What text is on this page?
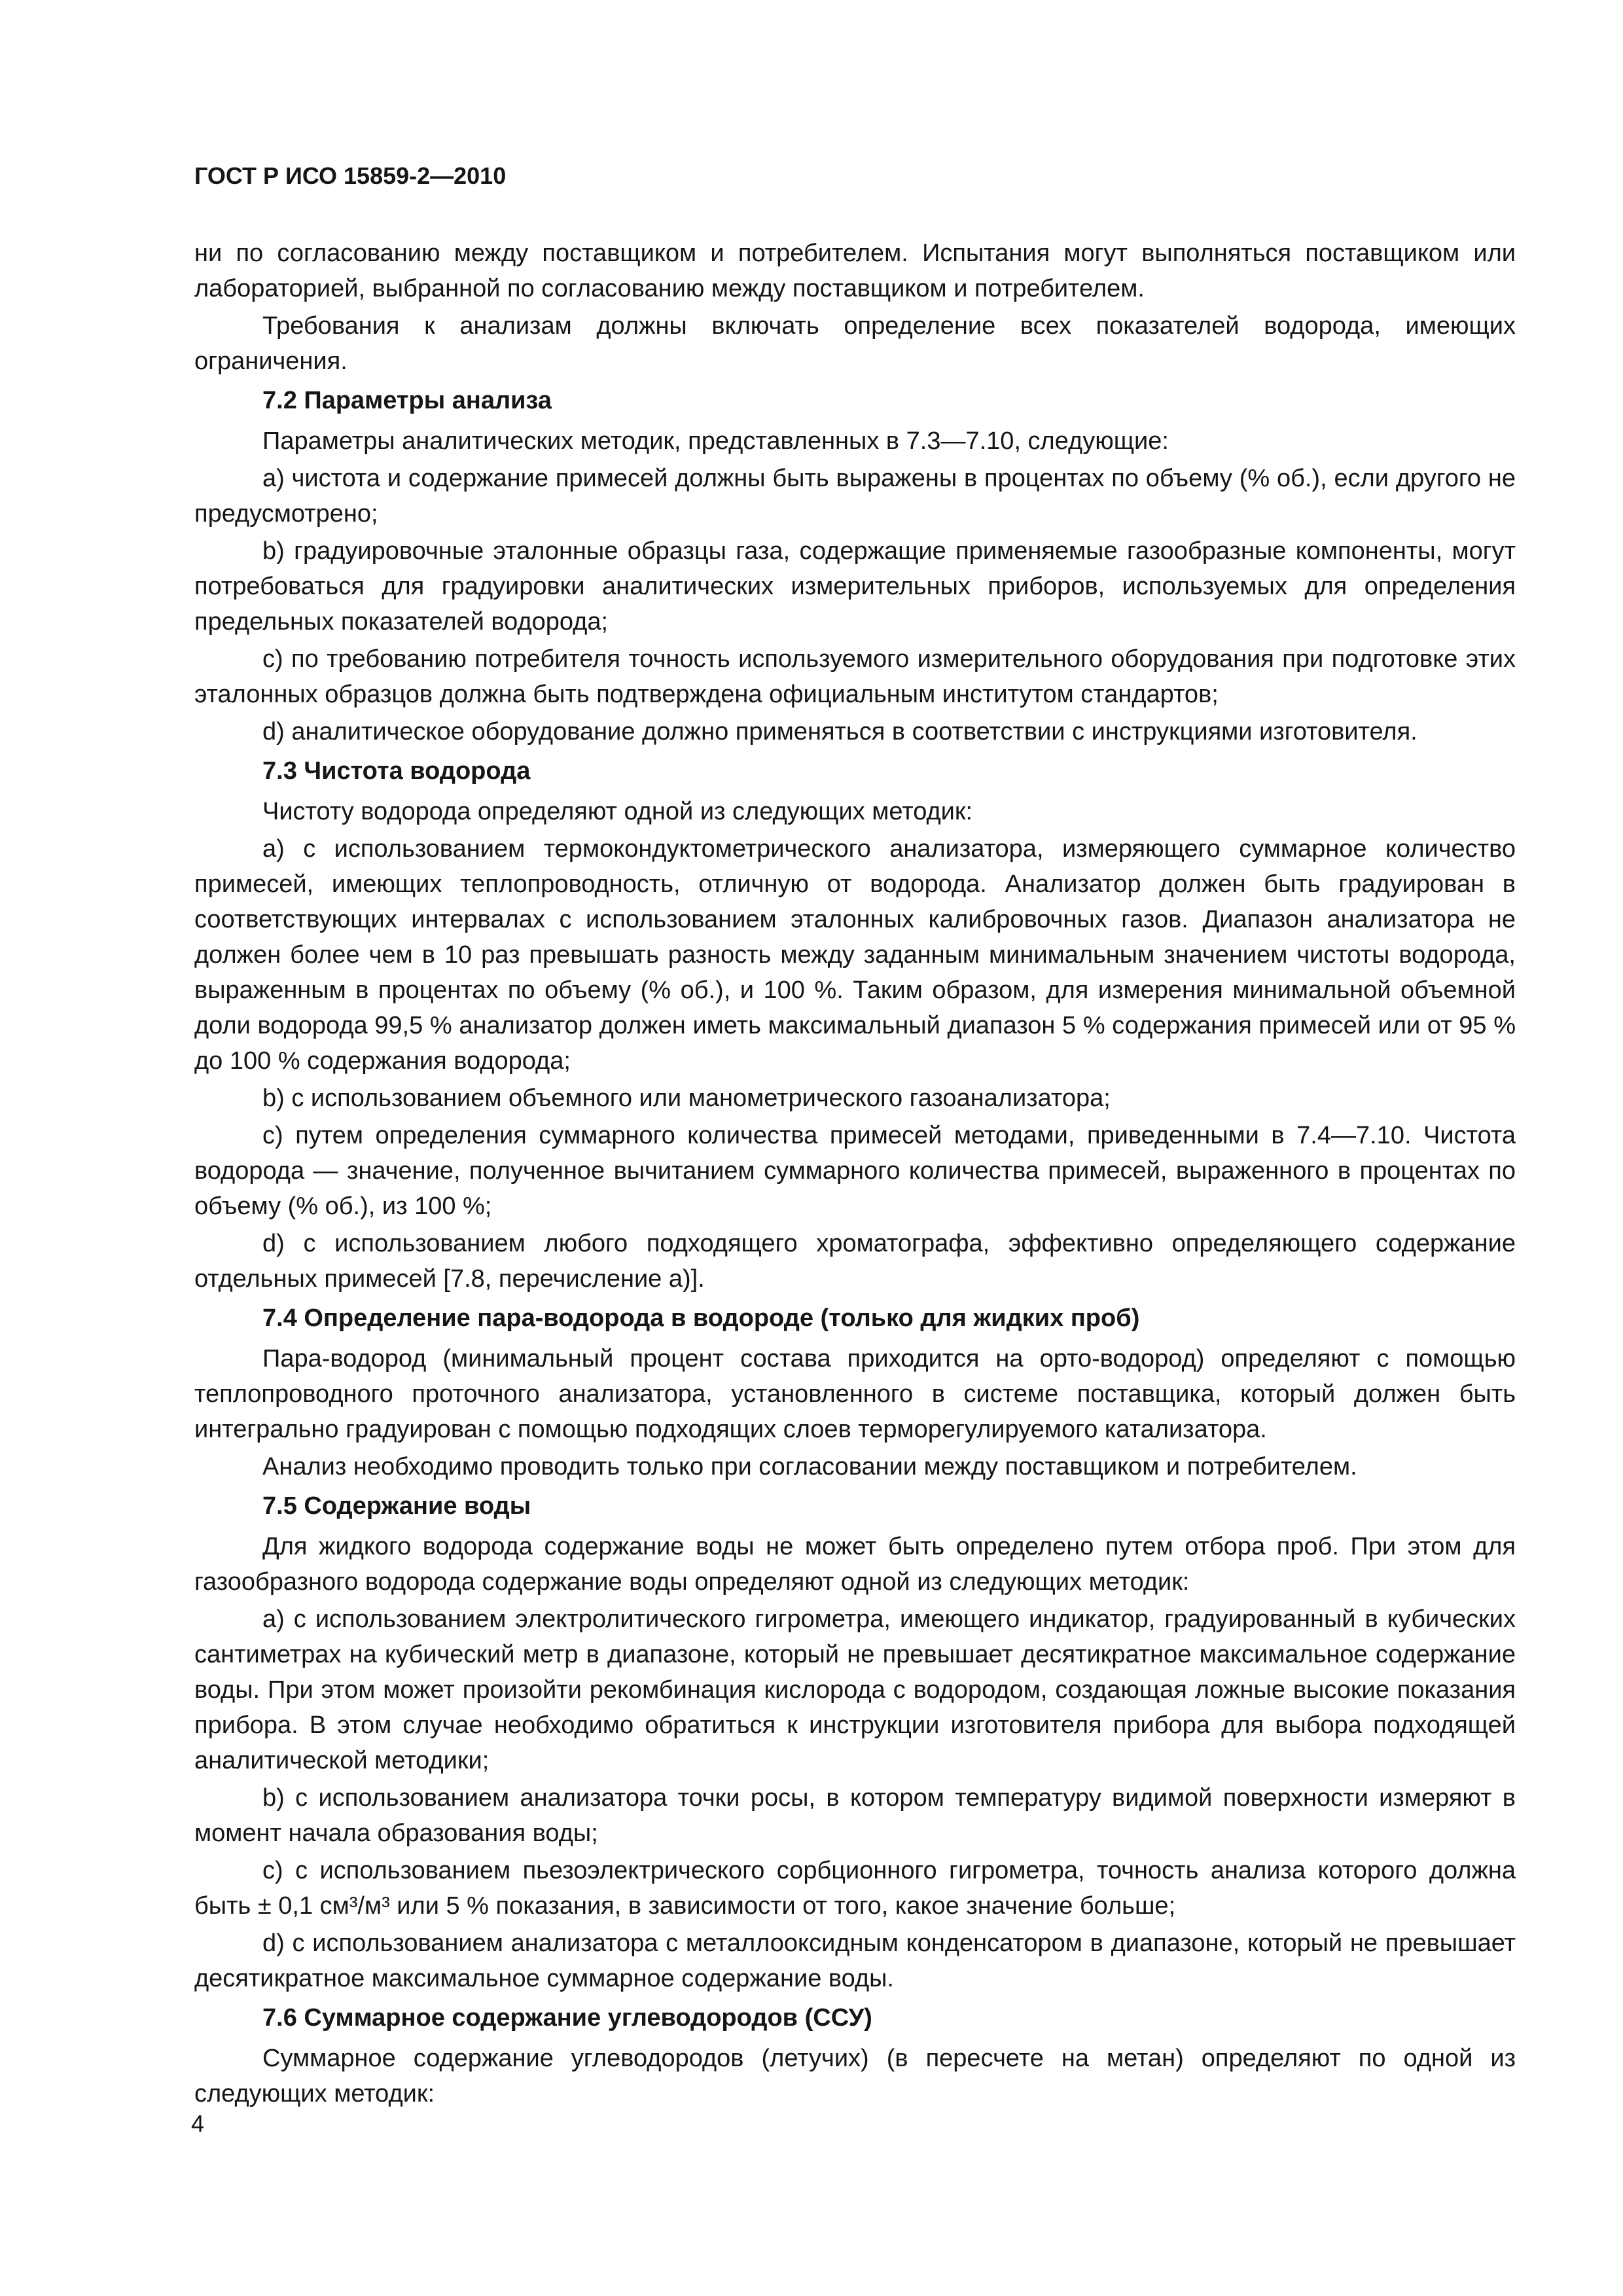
ГОСТ Р ИСО 15859-2—2010

ни по согласованию между поставщиком и потребителем. Испытания могут выполняться поставщиком или лабораторией, выбранной по согласованию между поставщиком и потребителем.

Требования к анализам должны включать определение всех показателей водорода, имеющих ограничения.

7.2 Параметры анализа

Параметры аналитических методик, представленных в 7.3—7.10, следующие:

a) чистота и содержание примесей должны быть выражены в процентах по объему (% об.), если другого не предусмотрено;

b) градуировочные эталонные образцы газа, содержащие применяемые газообразные компоненты, могут потребоваться для градуировки аналитических измерительных приборов, используемых для определения предельных показателей водорода;

c) по требованию потребителя точность используемого измерительного оборудования при подготовке этих эталонных образцов должна быть подтверждена официальным институтом стандартов;

d) аналитическое оборудование должно применяться в соответствии с инструкциями изготовителя.

7.3 Чистота водорода

Чистоту водорода определяют одной из следующих методик:

a) с использованием термокондуктометрического анализатора, измеряющего суммарное количество примесей, имеющих теплопроводность, отличную от водорода. Анализатор должен быть градуирован в соответствующих интервалах с использованием эталонных калибровочных газов. Диапазон анализатора не должен более чем в 10 раз превышать разность между заданным минимальным значением чистоты водорода, выраженным в процентах по объему (% об.), и 100 %. Таким образом, для измерения минимальной объемной доли водорода 99,5 % анализатор должен иметь максимальный диапазон 5 % содержания примесей или от 95 % до 100 % содержания водорода;

b) с использованием объемного или манометрического газоанализатора;

c) путем определения суммарного количества примесей методами, приведенными в 7.4—7.10. Чистота водорода — значение, полученное вычитанием суммарного количества примесей, выраженного в процентах по объему (% об.), из 100 %;

d) с использованием любого подходящего хроматографа, эффективно определяющего содержание отдельных примесей [7.8, перечисление а)].

7.4 Определение пара-водорода в водороде (только для жидких проб)

Пара-водород (минимальный процент состава приходится на орто-водород) определяют с помощью теплопроводного проточного анализатора, установленного в системе поставщика, который должен быть интегрально градуирован с помощью подходящих слоев терморегулируемого катализатора.

Анализ необходимо проводить только при согласовании между поставщиком и потребителем.

7.5 Содержание воды

Для жидкого водорода содержание воды не может быть определено путем отбора проб. При этом для газообразного водорода содержание воды определяют одной из следующих методик:

a) с использованием электролитического гигрометра, имеющего индикатор, градуированный в кубических сантиметрах на кубический метр в диапазоне, который не превышает десятикратное максимальное содержание воды. При этом может произойти рекомбинация кислорода с водородом, создающая ложные высокие показания прибора. В этом случае необходимо обратиться к инструкции изготовителя прибора для выбора подходящей аналитической методики;

b) с использованием анализатора точки росы, в котором температуру видимой поверхности измеряют в момент начала образования воды;

c) с использованием пьезоэлектрического сорбционного гигрометра, точность анализа которого должна быть ± 0,1 см³/м³ или 5 % показания, в зависимости от того, какое значение больше;

d) с использованием анализатора с металлооксидным конденсатором в диапазоне, который не превышает десятикратное максимальное суммарное содержание воды.

7.6 Суммарное содержание углеводородов (ССУ)

Суммарное содержание углеводородов (летучих) (в пересчете на метан) определяют по одной из следующих методик:

4
